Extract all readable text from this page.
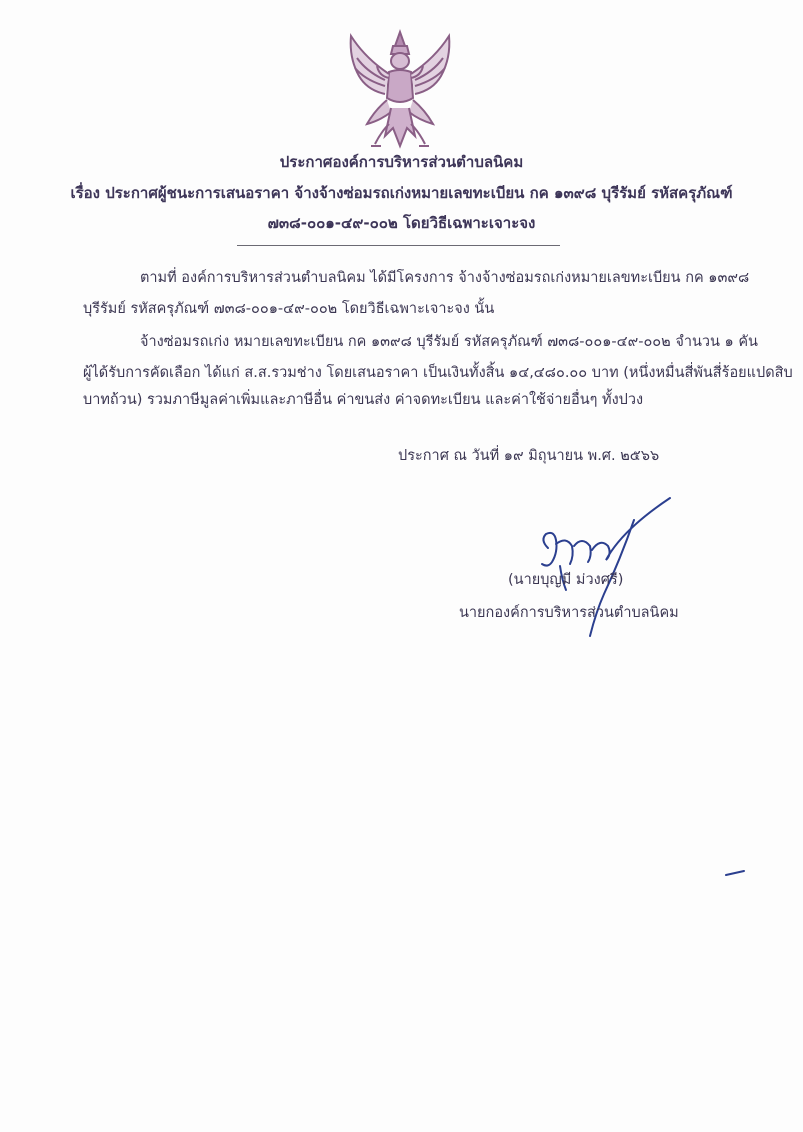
ประกาศองค์การบริหารส่วนตำบลนิคม
เรื่อง ประกาศผู้ชนะการเสนอราคา จ้างจ้างซ่อมรถเก่งหมายเลขทะเบียน กค ๑๓๙๘ บุรีรัมย์ รหัสครุภัณฑ์
๗๓๘-๐๐๑-๔๙-๐๐๒ โดยวิธีเฉพาะเจาะจง
ตามที่ องค์การบริหารส่วนตำบลนิคม ได้มีโครงการ จ้างจ้างซ่อมรถเก่งหมายเลขทะเบียน กค ๑๓๙๘
บุรีรัมย์ รหัสครุภัณฑ์ ๗๓๘-๐๐๑-๔๙-๐๐๒ โดยวิธีเฉพาะเจาะจง นั้น
จ้างซ่อมรถเก่ง หมายเลขทะเบียน กค ๑๓๙๘ บุรีรัมย์ รหัสครุภัณฑ์ ๗๓๘-๐๐๑-๔๙-๐๐๒ จำนวน ๑ คัน
ผู้ได้รับการคัดเลือก ได้แก่ ส.ส.รวมช่าง โดยเสนอราคา เป็นเงินทั้งสิ้น ๑๔,๔๘๐.๐๐ บาท (หนึ่งหมื่นสี่พันสี่ร้อยแปดสิบ
บาทถ้วน) รวมภาษีมูลค่าเพิ่มและภาษีอื่น ค่าขนส่ง ค่าจดทะเบียน และค่าใช้จ่ายอื่นๆ ทั้งปวง
ประกาศ ณ วันที่ ๑๙ มิถุนายน พ.ศ. ๒๕๖๖
(นายบุญมี ม่วงศรี)
นายกองค์การบริหารส่วนตำบลนิคม
